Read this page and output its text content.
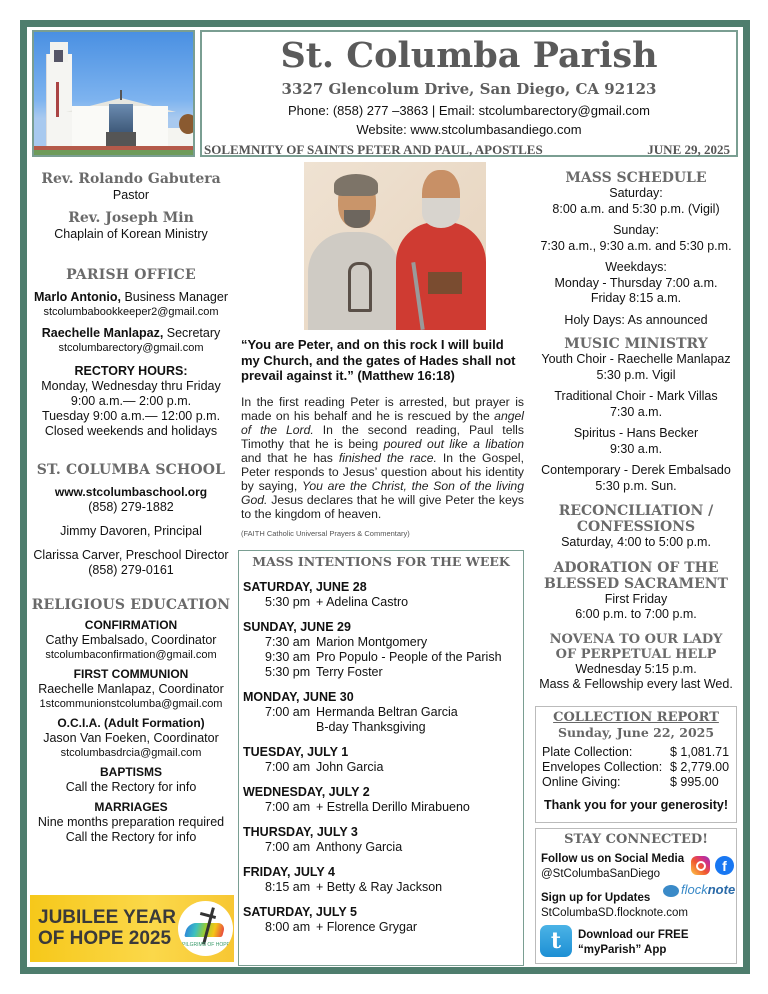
St. Columba Parish
3327 Glencolum Drive, San Diego, CA 92123
Phone: (858) 277 –3863 | Email: stcolumbarectory@gmail.com
Website: www.stcolumbasandiego.com
SOLEMNITY OF SAINTS PETER AND PAUL, APOSTLES	JUNE 29, 2025
Rev. Rolando Gabutera
Pastor
Rev. Joseph Min
Chaplain of Korean Ministry
PARISH OFFICE
Marlo Antonio, Business Manager
stcolumbabookkeeper2@gmail.com
Raechelle Manlapaz, Secretary
stcolumbarectory@gmail.com
RECTORY HOURS:
Monday, Wednesday thru Friday
9:00 a.m.— 2:00 p.m.
Tuesday 9:00 a.m.— 12:00 p.m.
Closed weekends and holidays
ST. COLUMBA SCHOOL
www.stcolumbaschool.org
(858) 279-1882
Jimmy Davoren, Principal
Clarissa Carver, Preschool Director
(858) 279-0161
RELIGIOUS EDUCATION
CONFIRMATION
Cathy Embalsado, Coordinator
stcolumbaconfirmation@gmail.com
FIRST COMMUNION
Raechelle Manlapaz, Coordinator
1stcommunionstcolumba@gmail.com
O.C.I.A. (Adult Formation)
Jason Van Foeken, Coordinator
stcolumbasdrcia@gmail.com
BAPTISMS
Call the Rectory for info
MARRIAGES
Nine months preparation required
Call the Rectory for info
JUBILEE YEAR
OF HOPE 2025	PILGRIMS OF HOPE
“You are Peter, and on this rock I will build my Church, and the gates of Hades shall not prevail against it.” (Matthew 16:18)
In the first reading Peter is arrested, but prayer is made on his behalf and he is rescued by the angel of the Lord. In the second reading, Paul tells Timothy that he is being poured out like a libation and that he has finished the race. In the Gospel, Peter responds to Jesus’ question about his identity by saying, You are the Christ, the Son of the living God. Jesus declares that he will give Peter the keys to the kingdom of heaven.
(FAITH Catholic Universal Prayers & Commentary)
MASS INTENTIONS FOR THE WEEK
SATURDAY, JUNE 28
5:30 pm + Adelina Castro
SUNDAY, JUNE 29
7:30 am Marion Montgomery
9:30 am Pro Populo - People of the Parish
5:30 pm Terry Foster
MONDAY, JUNE 30
7:00 am Hermanda Beltran Garcia
B-day Thanksgiving
TUESDAY, JULY 1
7:00 am John Garcia
WEDNESDAY, JULY 2
7:00 am + Estrella Derillo Mirabueno
THURSDAY, JULY 3
7:00 am Anthony Garcia
FRIDAY, JULY 4
8:15 am + Betty & Ray Jackson
SATURDAY, JULY 5
8:00 am + Florence Grygar
MASS SCHEDULE
Saturday:
8:00 a.m. and 5:30 p.m. (Vigil)
Sunday:
7:30 a.m., 9:30 a.m. and 5:30 p.m.
Weekdays:
Monday - Thursday 7:00 a.m.
Friday 8:15 a.m.
Holy Days: As announced
MUSIC MINISTRY
Youth Choir - Raechelle Manlapaz
5:30 p.m. Vigil
Traditional Choir - Mark Villas
7:30 a.m.
Spiritus - Hans Becker
9:30 a.m.
Contemporary - Derek Embalsado
5:30 p.m. Sun.
RECONCILIATION /
CONFESSIONS
Saturday, 4:00 to 5:00 p.m.
ADORATION OF THE
BLESSED SACRAMENT
First Friday
6:00 p.m. to 7:00 p.m.
NOVENA TO OUR LADY
OF PERPETUAL HELP
Wednesday 5:15 p.m.
Mass & Fellowship every last Wed.
COLLECTION REPORT
Sunday, June 22, 2025
Plate Collection:	$ 1,081.71
Envelopes Collection: $ 2,779.00
Online Giving:	$ 995.00
Thank you for your generosity!
STAY CONNECTED!
Follow us on Social Media
@StColumbaSanDiego	f
flocknote
Sign up for Updates
StColumbaSD.flocknote.com
t	Download our FREE
“myParish” App
